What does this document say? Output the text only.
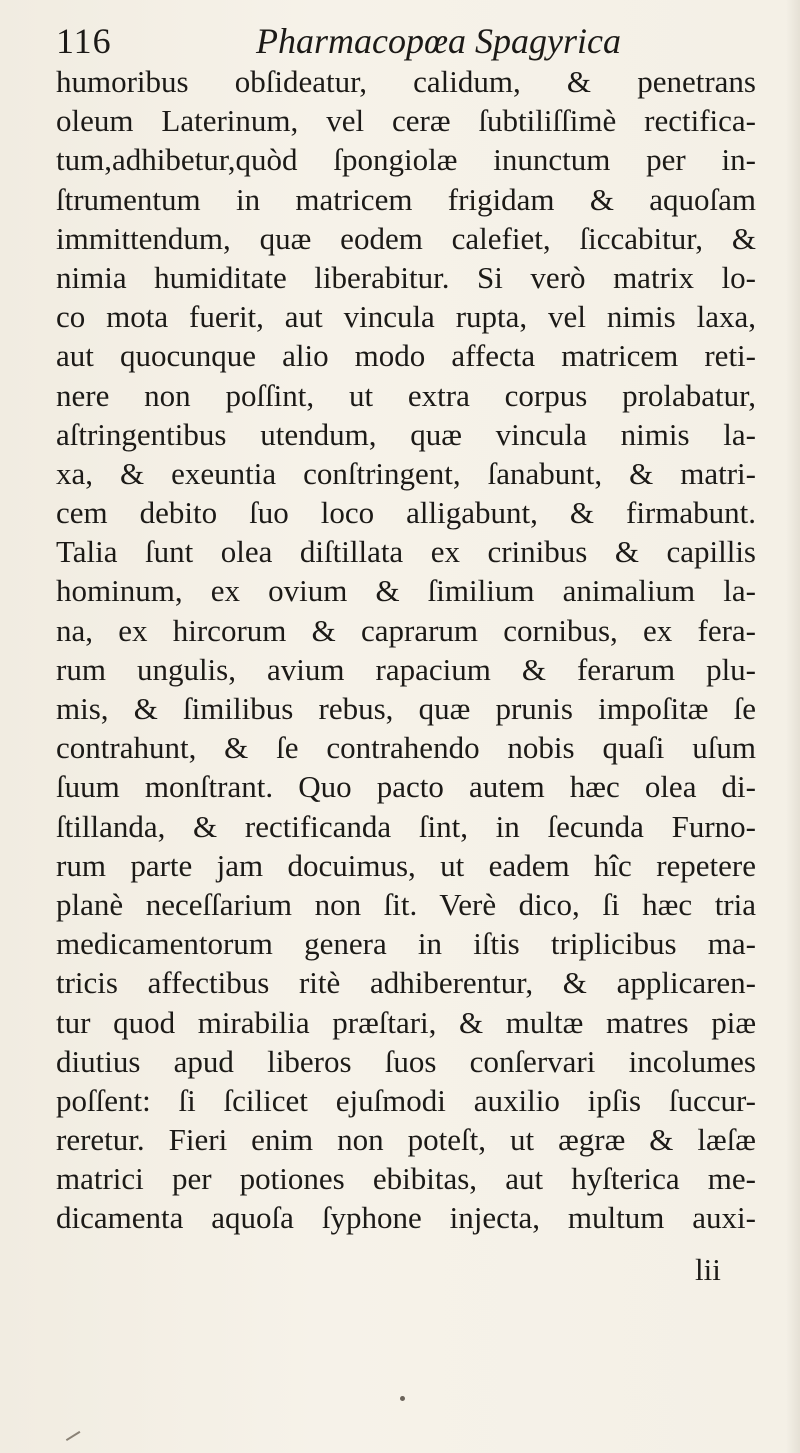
116	Pharmacopœa Spagyrica
humoribus obſideatur, calidum, & penetrans
oleum Laterinum, vel ceræ ſubtiliſſimè rectifica-
tum,adhibetur,quòd ſpongiolæ inunctum per in-
ſtrumentum in matricem frigidam & aquoſam
immittendum, quæ eodem calefiet, ſiccabitur, &
nimia humiditate liberabitur. Si verò matrix lo-
co mota fuerit, aut vincula rupta, vel nimis laxa,
aut quocunque alio modo affecta matricem reti-
nere non poſſint, ut extra corpus prolabatur,
aſtringentibus utendum, quæ vincula nimis la-
xa, & exeuntia conſtringent, ſanabunt, & matri-
cem debito ſuo loco alligabunt, & firmabunt.
Talia ſunt olea diſtillata ex crinibus & capillis
hominum, ex ovium & ſimilium animalium la-
na, ex hircorum & caprarum cornibus, ex fera-
rum ungulis, avium rapacium & ferarum plu-
mis, & ſimilibus rebus, quæ prunis impoſitæ ſe
contrahunt, & ſe contrahendo nobis quaſi uſum
ſuum monſtrant. Quo pacto autem hæc olea di-
ſtillanda, & rectificanda ſint, in ſecunda Furno-
rum parte jam docuimus, ut eadem hîc repetere
planè neceſſarium non ſit. Verè dico, ſi hæc tria
medicamentorum genera in iſtis triplicibus ma-
tricis affectibus ritè adhiberentur, & applicaren-
tur quod mirabilia præſtari, & multæ matres piæ
diutius apud liberos ſuos conſervari incolumes
poſſent: ſi ſcilicet ejuſmodi auxilio ipſis ſuccur-
reretur. Fieri enim non poteſt, ut ægræ & læſæ
matrici per potiones ebibitas, aut hyſterica me-
dicamenta aquoſa ſyphone injecta, multum auxi-
lii
